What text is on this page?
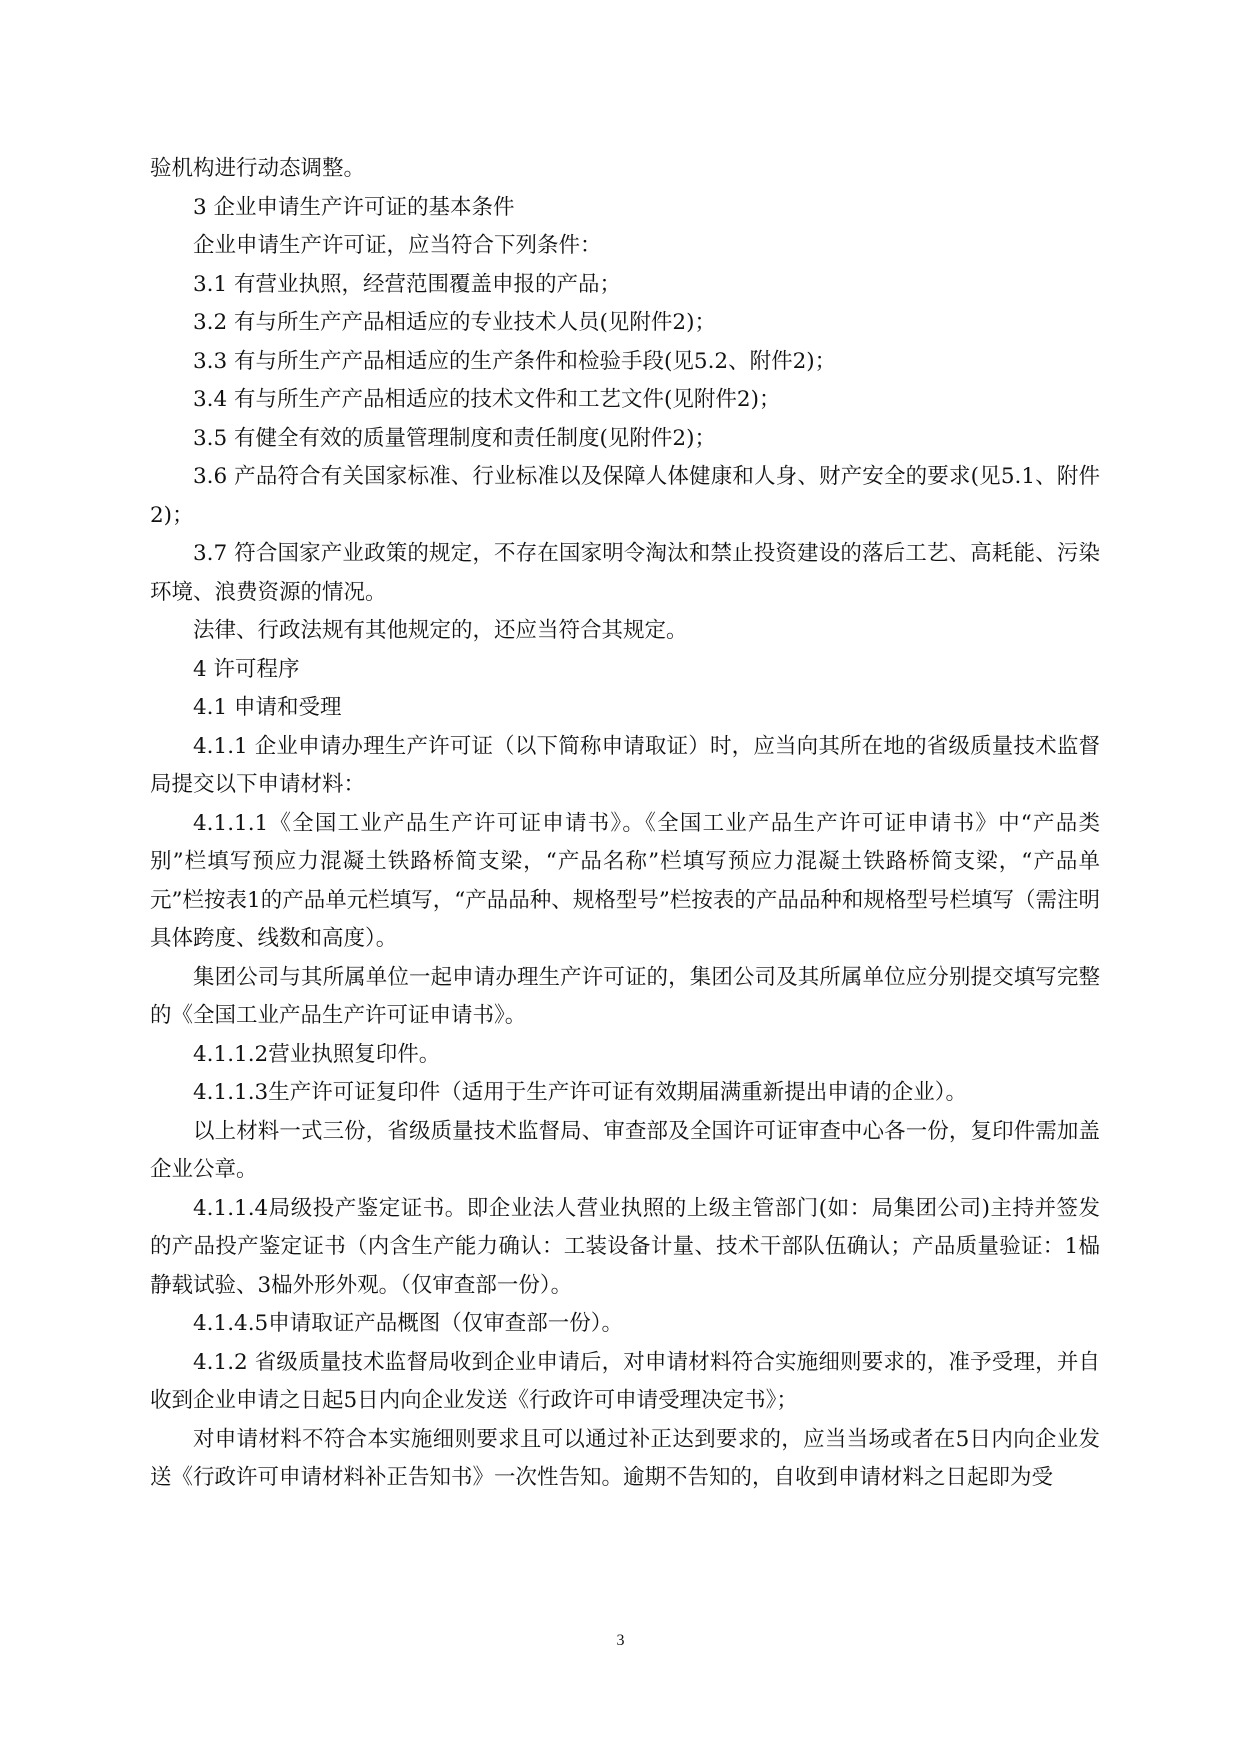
验机构进行动态调整。

3 企业申请生产许可证的基本条件

企业申请生产许可证，应当符合下列条件：

3.1 有营业执照，经营范围覆盖申报的产品；

3.2 有与所生产产品相适应的专业技术人员(见附件2)；

3.3 有与所生产产品相适应的生产条件和检验手段(见5.2、附件2)；

3.4 有与所生产产品相适应的技术文件和工艺文件(见附件2)；

3.5 有健全有效的质量管理制度和责任制度(见附件2)；

3.6 产品符合有关国家标准、行业标准以及保障人体健康和人身、财产安全的要求(见5.1、附件2)；

3.7 符合国家产业政策的规定，不存在国家明令淘汰和禁止投资建设的落后工艺、高耗能、污染环境、浪费资源的情况。

法律、行政法规有其他规定的，还应当符合其规定。

4 许可程序

4.1 申请和受理

4.1.1 企业申请办理生产许可证（以下简称申请取证）时，应当向其所在地的省级质量技术监督局提交以下申请材料：

4.1.1.1《全国工业产品生产许可证申请书》。《全国工业产品生产许可证申请书》中“产品类别”栏填写预应力混凝土铁路桥简支梁，“产品名称”栏填写预应力混凝土铁路桥简支梁，“产品单元”栏按表1的产品单元栏填写，“产品品种、规格型号”栏按表的产品品种和规格型号栏填写（需注明具体跨度、线数和高度）。

集团公司与其所属单位一起申请办理生产许可证的，集团公司及其所属单位应分别提交填写完整的《全国工业产品生产许可证申请书》。

4.1.1.2营业执照复印件。

4.1.1.3生产许可证复印件（适用于生产许可证有效期届满重新提出申请的企业）。

以上材料一式三份，省级质量技术监督局、审查部及全国许可证审查中心各一份，复印件需加盖企业公章。

4.1.1.4局级投产鉴定证书。即企业法人营业执照的上级主管部门(如：局集团公司)主持并签发的产品投产鉴定证书（内含生产能力确认：工装设备计量、技术干部队伍确认；产品质量验证：1榀静载试验、3榀外形外观。（仅审查部一份）。

4.1.4.5申请取证产品概图（仅审查部一份）。

4.1.2 省级质量技术监督局收到企业申请后，对申请材料符合实施细则要求的，准予受理，并自收到企业申请之日起5日内向企业发送《行政许可申请受理决定书》；

对申请材料不符合本实施细则要求且可以通过补正达到要求的，应当当场或者在5日内向企业发送《行政许可申请材料补正告知书》一次性告知。逾期不告知的，自收到申请材料之日起即为受

3
